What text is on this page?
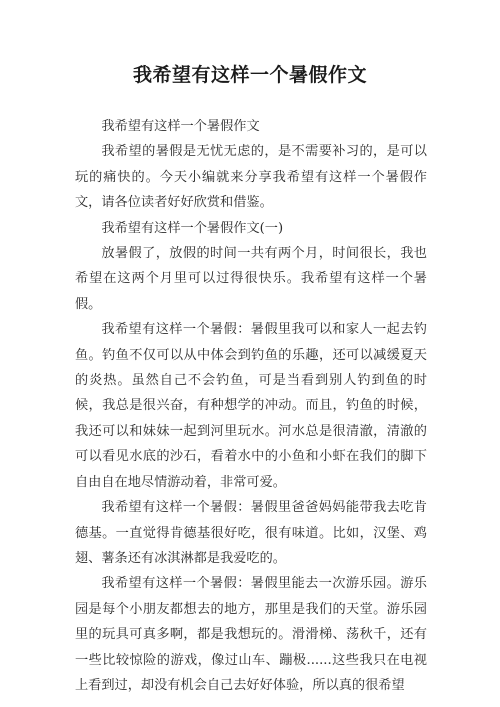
我希望有这样一个暑假作文

我希望有这样一个暑假作文

我希望的暑假是无忧无虑的，是不需要补习的，是可以玩的痛快的。今天小编就来分享我希望有这样一个暑假作文，请各位读者好好欣赏和借鉴。

我希望有这样一个暑假作文(一)

放暑假了，放假的时间一共有两个月，时间很长，我也希望在这两个月里可以过得很快乐。我希望有这样一个暑假。

我希望有这样一个暑假：暑假里我可以和家人一起去钓鱼。钓鱼不仅可以从中体会到钓鱼的乐趣，还可以减缓夏天的炎热。虽然自己不会钓鱼，可是当看到别人钓到鱼的时候，我总是很兴奋，有种想学的冲动。而且，钓鱼的时候，我还可以和妹妹一起到河里玩水。河水总是很清澈，清澈的可以看见水底的沙石，看着水中的小鱼和小虾在我们的脚下自由自在地尽情游动着，非常可爱。

我希望有这样一个暑假：暑假里爸爸妈妈能带我去吃肯德基。一直觉得肯德基很好吃，很有味道。比如，汉堡、鸡翅、薯条还有冰淇淋都是我爱吃的。

我希望有这样一个暑假：暑假里能去一次游乐园。游乐园是每个小朋友都想去的地方，那里是我们的天堂。游乐园里的玩具可真多啊，都是我想玩的。滑滑梯、荡秋千，还有一些比较惊险的游戏，像过山车、蹦极......这些我只在电视上看到过，却没有机会自己去好好体验，所以真的很希望
